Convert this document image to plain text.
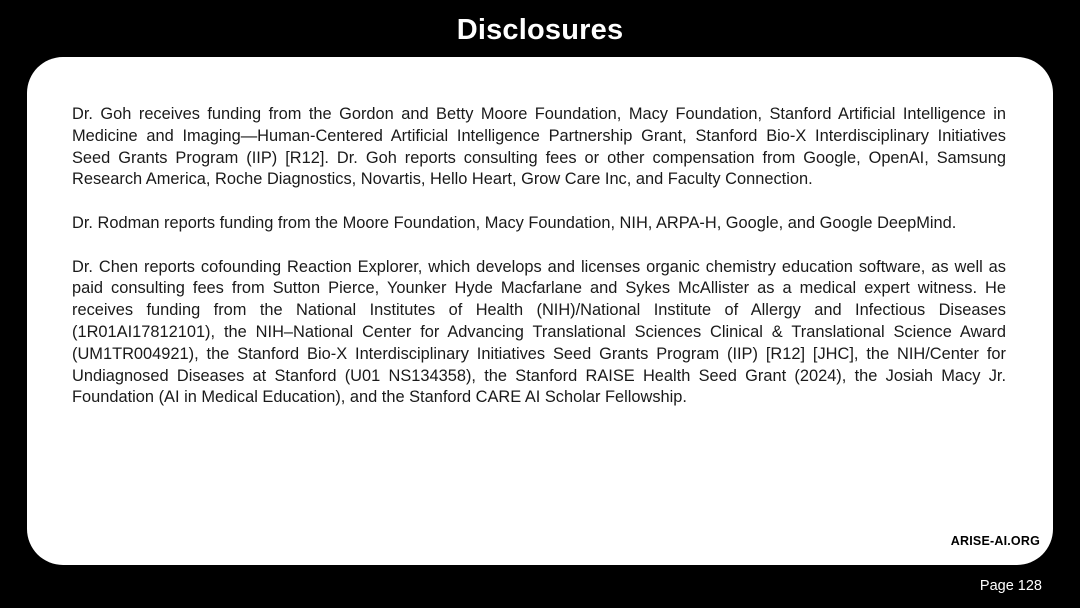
Disclosures

Dr. Goh receives funding from the Gordon and Betty Moore Foundation, Macy Foundation, Stanford Artificial Intelligence in Medicine and Imaging—Human-Centered Artificial Intelligence Partnership Grant, Stanford Bio-X Interdisciplinary Initiatives Seed Grants Program (IIP) [R12]. Dr. Goh reports consulting fees or other compensation from Google, OpenAI, Samsung Research America, Roche Diagnostics, Novartis, Hello Heart, Grow Care Inc, and Faculty Connection.

Dr. Rodman reports funding from the Moore Foundation, Macy Foundation, NIH, ARPA-H, Google, and Google DeepMind.

Dr. Chen reports cofounding Reaction Explorer, which develops and licenses organic chemistry education software, as well as paid consulting fees from Sutton Pierce, Younker Hyde Macfarlane and Sykes McAllister as a medical expert witness. He receives funding from the National Institutes of Health (NIH)/National Institute of Allergy and Infectious Diseases (1R01AI17812101), the NIH–National Center for Advancing Translational Sciences Clinical & Translational Science Award (UM1TR004921), the Stanford Bio-X Interdisciplinary Initiatives Seed Grants Program (IIP) [R12] [JHC], the NIH/Center for Undiagnosed Diseases at Stanford (U01 NS134358), the Stanford RAISE Health Seed Grant (2024), the Josiah Macy Jr. Foundation (AI in Medical Education), and the Stanford CARE AI Scholar Fellowship.

ARISE-AI.ORG
Page 128
